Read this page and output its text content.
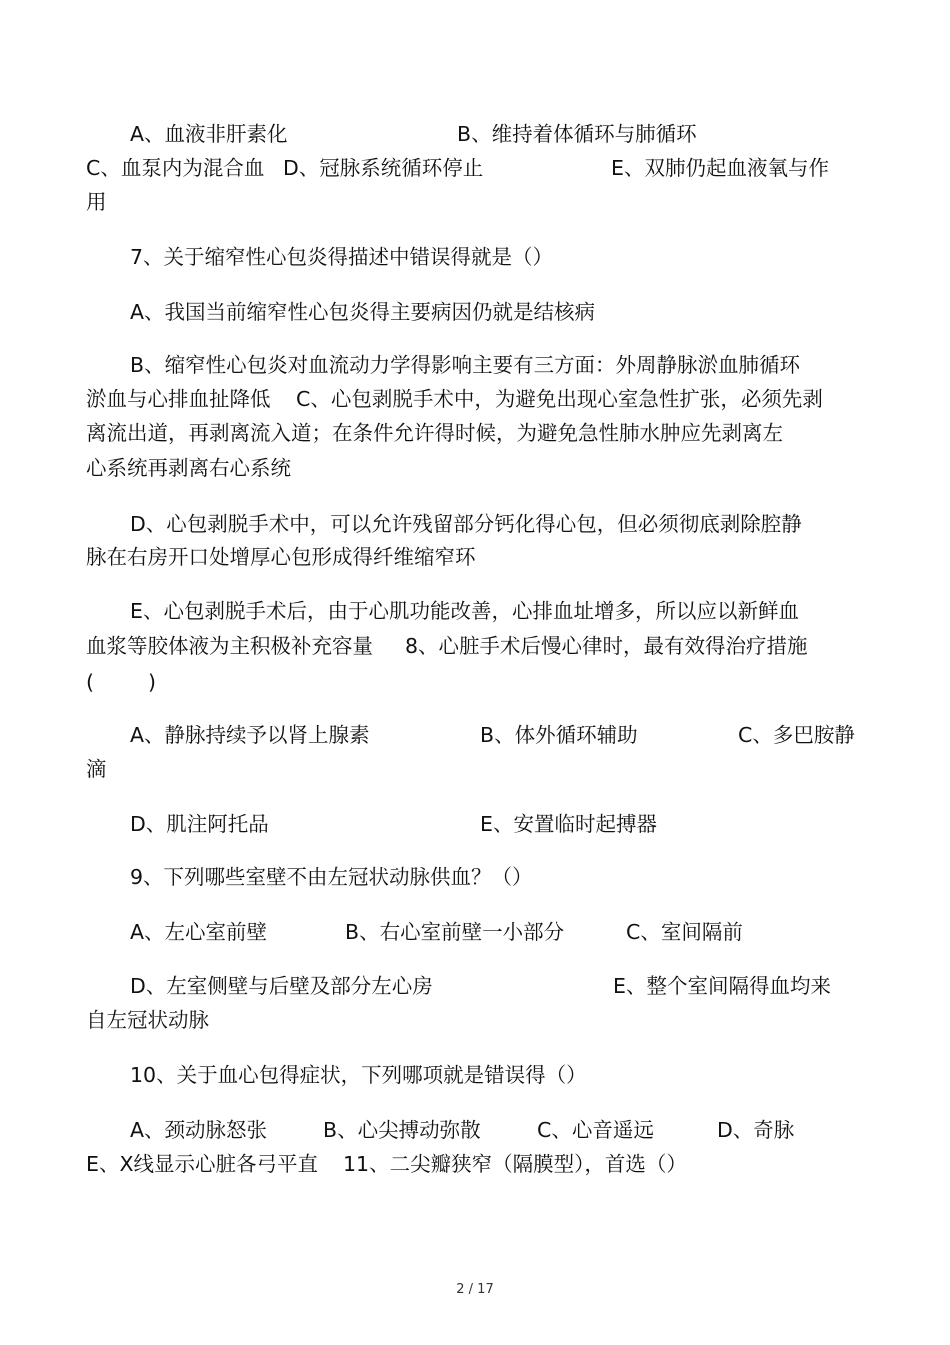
A、血液非肝素化	B、维持着体循环与肺循环
C、血泵内为混合血 D、冠脉系统循环停止	E、双肺仍起血液氧与作
用
7、关于缩窄性心包炎得描述中错误得就是（）
A、我国当前缩窄性心包炎得主要病因仍就是结核病
B、缩窄性心包炎对血流动力学得影响主要有三方面：外周静脉淤血肺循环
淤血与心排血扯降低 C、心包剥脱手术中，为避免出现心室急性扩张，必须先剥
离流出道，再剥离流入道；在条件允许得时候，为避免急性肺水肿应先剥离左
心系统再剥离右心系统
D、心包剥脱手术中，可以允许残留部分钙化得心包，但必须彻底剥除腔静
脉在右房开口处增厚心包形成得纤维缩窄环
E、心包剥脱手术后，由于心肌功能改善，心排血址增多，所以应以新鲜血
血浆等胶体液为主积极补充容量 8、心脏手术后慢心律时，最有效得治疗措施
(	)
A、静脉持续予以肾上腺素	B、体外循环辅助	C、多巴胺静
滴
D、肌注阿托品	E、安置临时起搏器
9、下列哪些室壁不由左冠状动脉供血？（）
A、左心室前壁	B、右心室前壁一小部分	C、室间隔前
D、左室侧壁与后壁及部分左心房	E、整个室间隔得血均来
自左冠状动脉
10、关于血心包得症状，下列哪项就是错误得（）
A、颈动脉怒张	B、心尖搏动弥散	C、心音遥远	D、奇脉
E、X线显示心脏各弓平直 11、二尖瓣狭窄（隔膜型），首选（）
2 / 17
